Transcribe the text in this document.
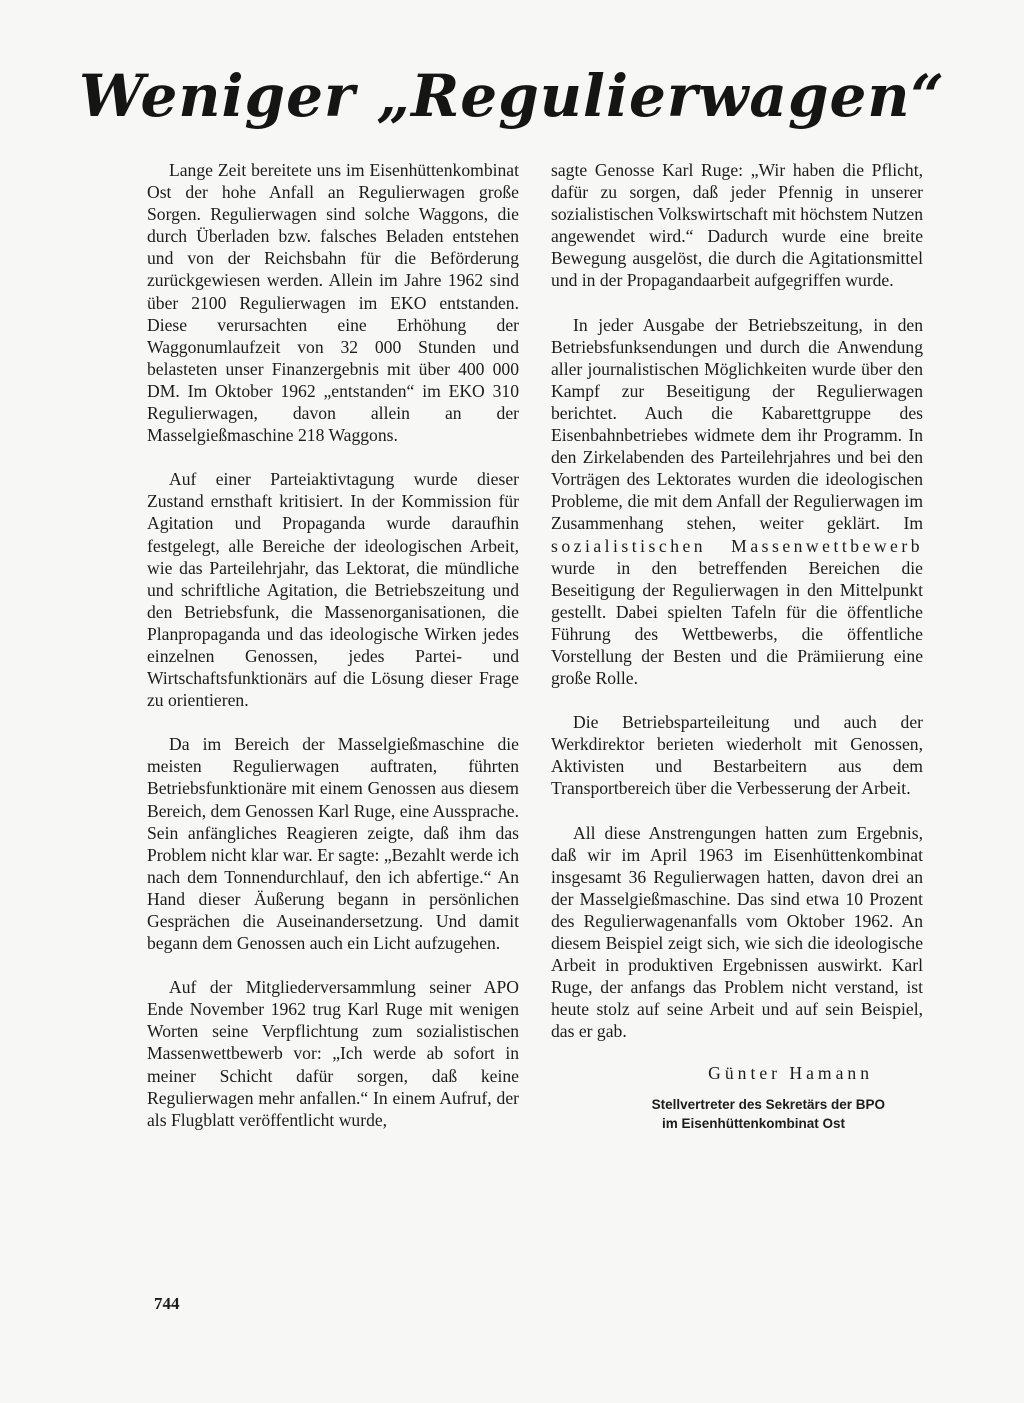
Weniger „Regulierwagen“

Lange Zeit bereitete uns im Eisenhüttenkombinat Ost der hohe Anfall an Regulierwagen große Sorgen. Regulierwagen sind solche Waggons, die durch Überladen bzw. falsches Beladen entstehen und von der Reichsbahn für die Beförderung zurückgewiesen werden. Allein im Jahre 1962 sind über 2100 Regulierwagen im EKO entstanden. Diese verursachten eine Erhöhung der Waggonumlaufzeit von 32 000 Stunden und belasteten unser Finanzergebnis mit über 400 000 DM. Im Oktober 1962 „entstanden“ im EKO 310 Regulierwagen, davon allein an der Masselgießmaschine 218 Waggons.

Auf einer Parteiaktivtagung wurde dieser Zustand ernsthaft kritisiert. In der Kommission für Agitation und Propaganda wurde daraufhin festgelegt, alle Bereiche der ideologischen Arbeit, wie das Parteilehrjahr, das Lektorat, die mündliche und schriftliche Agitation, die Betriebszeitung und den Betriebsfunk, die Massenorganisationen, die Planpropaganda und das ideologische Wirken jedes einzelnen Genossen, jedes Partei- und Wirtschaftsfunktionärs auf die Lösung dieser Frage zu orientieren.

Da im Bereich der Masselgießmaschine die meisten Regulierwagen auftraten, führten Betriebsfunktionäre mit einem Genossen aus diesem Bereich, dem Genossen Karl Ruge, eine Aussprache. Sein anfängliches Reagieren zeigte, daß ihm das Problem nicht klar war. Er sagte: „Bezahlt werde ich nach dem Tonnendurchlauf, den ich abfertige.“ An Hand dieser Äußerung begann in persönlichen Gesprächen die Auseinandersetzung. Und damit begann dem Genossen auch ein Licht aufzugehen.

Auf der Mitgliederversammlung seiner APO Ende November 1962 trug Karl Ruge mit wenigen Worten seine Verpflichtung zum sozialistischen Massenwettbewerb vor: „Ich werde ab sofort in meiner Schicht dafür sorgen, daß keine Regulierwagen mehr anfallen.“ In einem Aufruf, der als Flugblatt veröffentlicht wurde,

sagte Genosse Karl Ruge: „Wir haben die Pflicht, dafür zu sorgen, daß jeder Pfennig in unserer sozialistischen Volkswirtschaft mit höchstem Nutzen angewendet wird.“ Dadurch wurde eine breite Bewegung ausgelöst, die durch die Agitationsmittel und in der Propagandaarbeit aufgegriffen wurde.

In jeder Ausgabe der Betriebszeitung, in den Betriebsfunksendungen und durch die Anwendung aller journalistischen Möglichkeiten wurde über den Kampf zur Beseitigung der Regulierwagen berichtet. Auch die Kabarettgruppe des Eisenbahnbetriebes widmete dem ihr Programm. In den Zirkelabenden des Parteilehrjahres und bei den Vorträgen des Lektorates wurden die ideologischen Probleme, die mit dem Anfall der Regulierwagen im Zusammenhang stehen, weiter geklärt. Im sozialistischen Massenwettbewerb wurde in den betreffenden Bereichen die Beseitigung der Regulierwagen in den Mittelpunkt gestellt. Dabei spielten Tafeln für die öffentliche Führung des Wettbewerbs, die öffentliche Vorstellung der Besten und die Prämiierung eine große Rolle.

Die Betriebsparteileitung und auch der Werkdirektor berieten wiederholt mit Genossen, Aktivisten und Bestarbeitern aus dem Transportbereich über die Verbesserung der Arbeit.

All diese Anstrengungen hatten zum Ergebnis, daß wir im April 1963 im Eisenhüttenkombinat insgesamt 36 Regulierwagen hatten, davon drei an der Masselgießmaschine. Das sind etwa 10 Prozent des Regulierwagenanfalls vom Oktober 1962. An diesem Beispiel zeigt sich, wie sich die ideologische Arbeit in produktiven Ergebnissen auswirkt. Karl Ruge, der anfangs das Problem nicht verstand, ist heute stolz auf seine Arbeit und auf sein Beispiel, das er gab.

Günter Hamann
Stellvertreter des Sekretärs der BPO
im Eisenhüttenkombinat Ost
744
